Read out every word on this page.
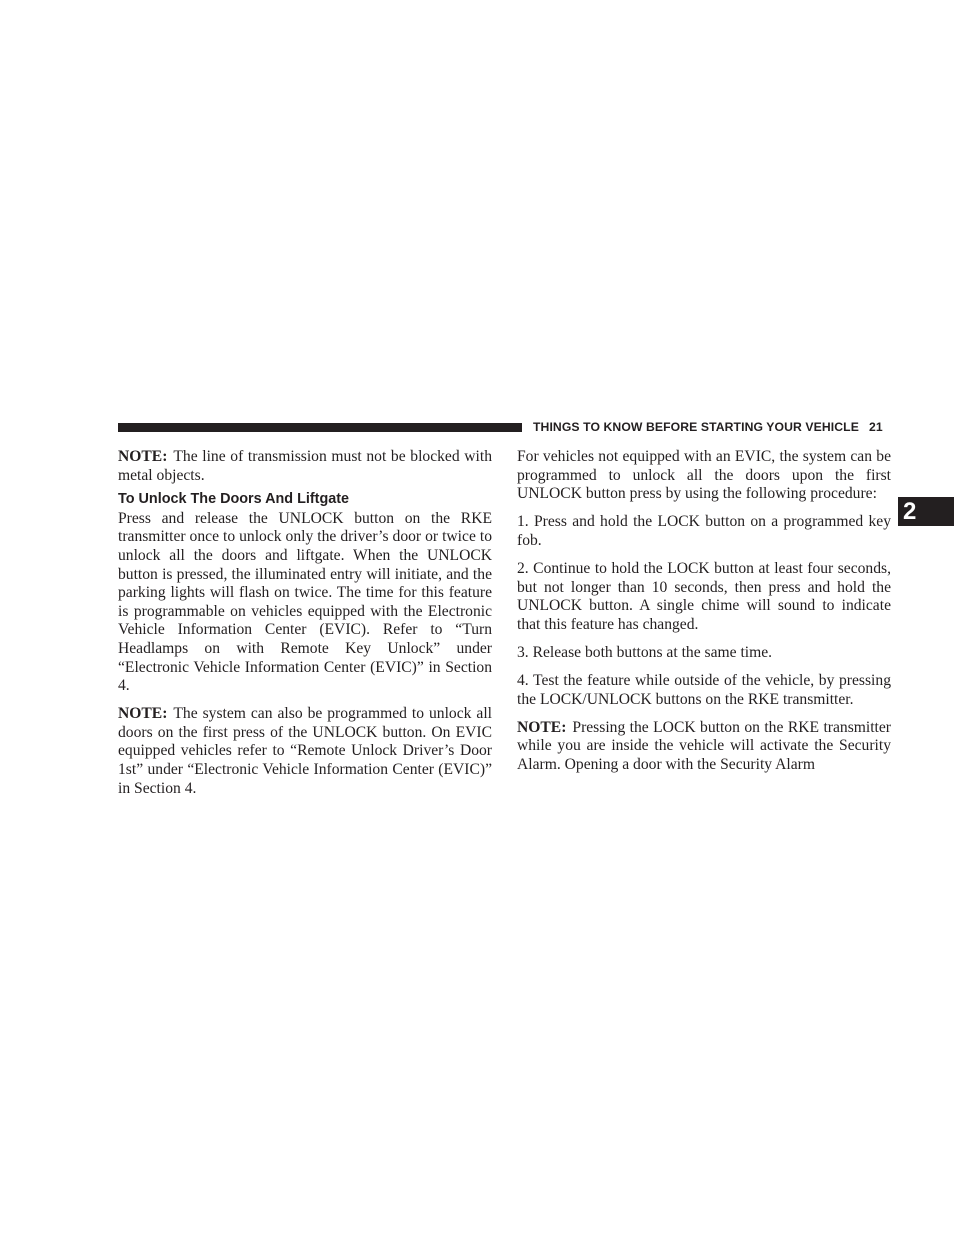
THINGS TO KNOW BEFORE STARTING YOUR VEHICLE 21
2

NOTE: The line of transmission must not be blocked with metal objects.

To Unlock The Doors And Liftgate

Press and release the UNLOCK button on the RKE transmitter once to unlock only the driver’s door or twice to unlock all the doors and liftgate. When the UNLOCK button is pressed, the illuminated entry will initiate, and the parking lights will flash on twice. The time for this feature is programmable on vehicles equipped with the Electronic Vehicle Information Center (EVIC). Refer to “Turn Headlamps on with Remote Key Unlock” under “Electronic Vehicle Information Center (EVIC)” in Section 4.

NOTE: The system can also be programmed to unlock all doors on the first press of the UNLOCK button. On EVIC equipped vehicles refer to “Remote Unlock Driver’s Door 1st” under “Electronic Vehicle Information Center (EVIC)” in Section 4.

For vehicles not equipped with an EVIC, the system can be programmed to unlock all the doors upon the first UNLOCK button press by using the following procedure:

1. Press and hold the LOCK button on a programmed key fob.

2. Continue to hold the LOCK button at least four seconds, but not longer than 10 seconds, then press and hold the UNLOCK button. A single chime will sound to indicate that this feature has changed.

3. Release both buttons at the same time.

4. Test the feature while outside of the vehicle, by pressing the LOCK/UNLOCK buttons on the RKE transmitter.

NOTE: Pressing the LOCK button on the RKE transmitter while you are inside the vehicle will activate the Security Alarm. Opening a door with the Security Alarm
